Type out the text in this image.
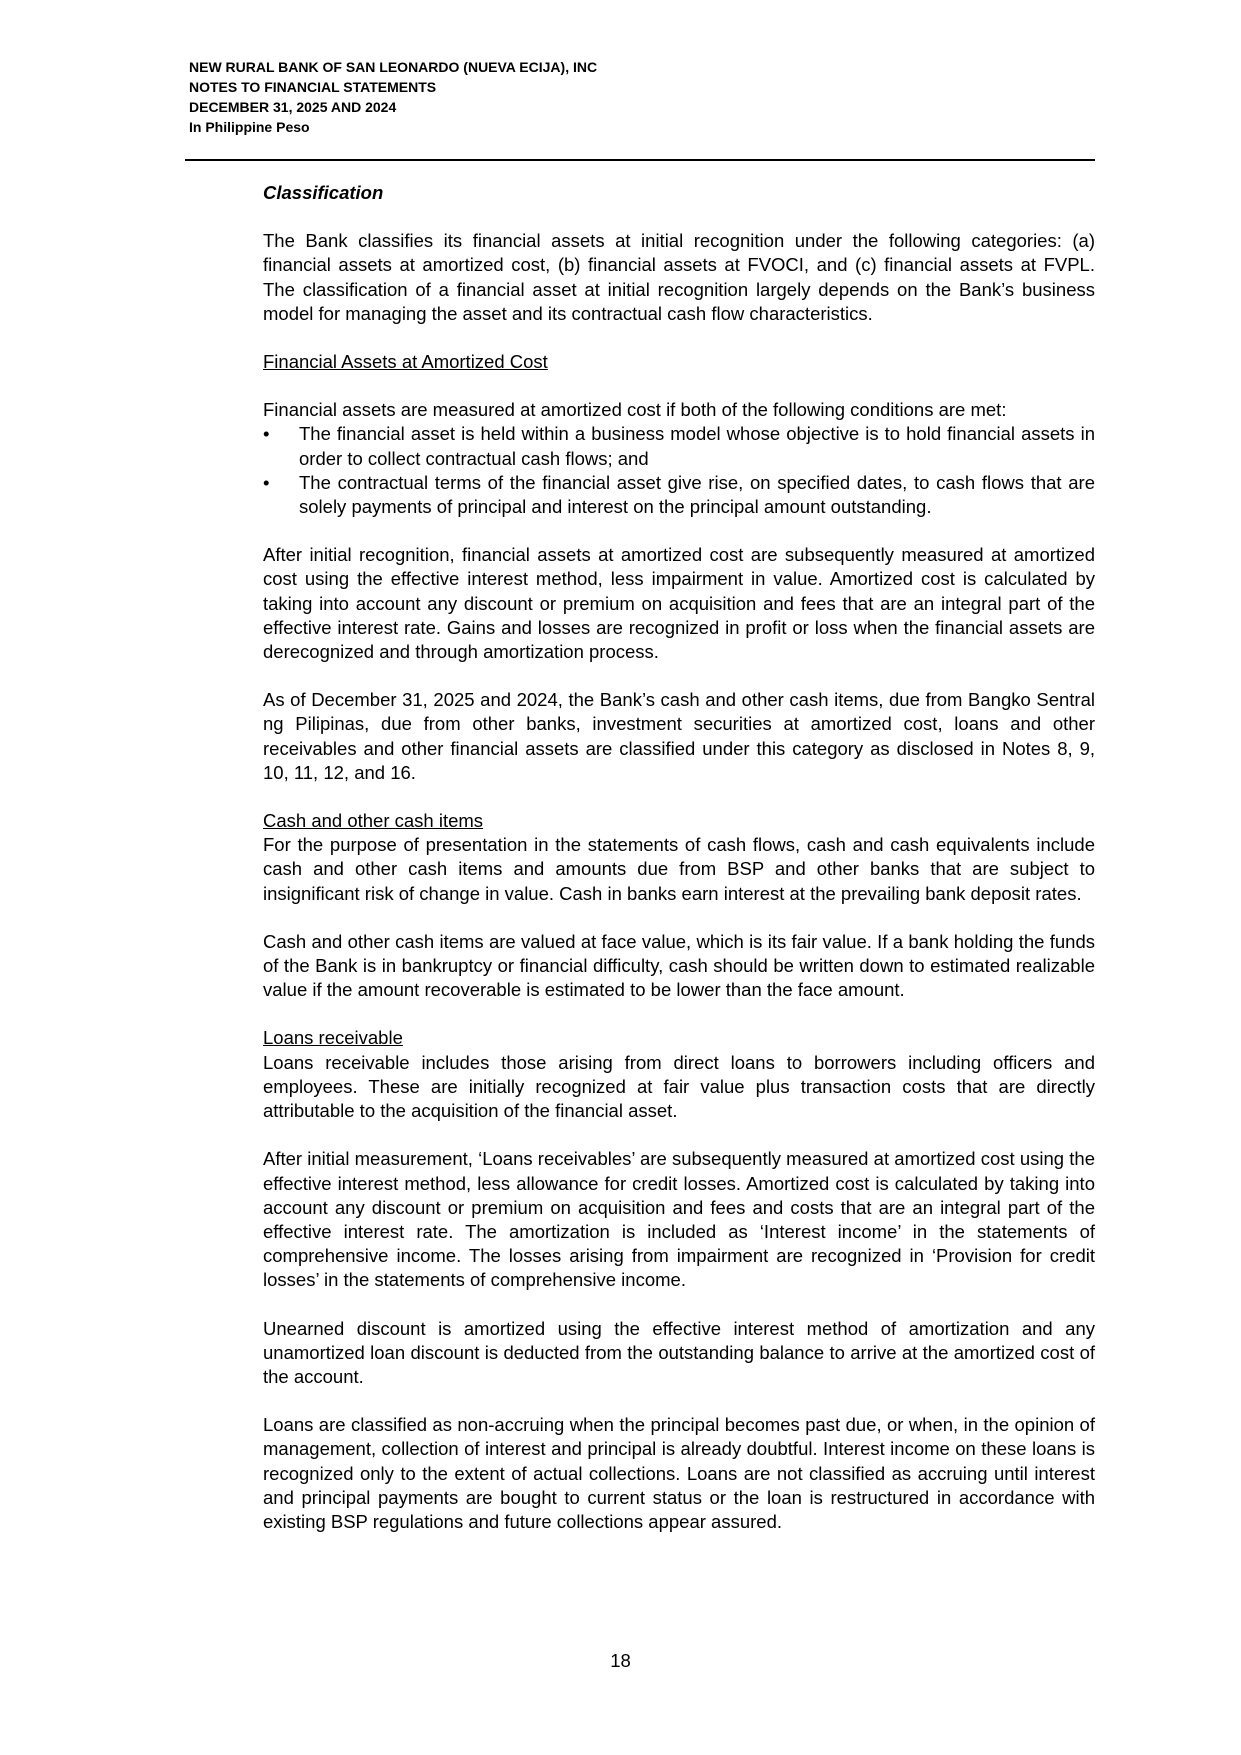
NEW RURAL BANK OF SAN LEONARDO (NUEVA ECIJA), INC
NOTES TO FINANCIAL STATEMENTS
DECEMBER 31, 2025 AND 2024
In Philippine Peso
Classification

The Bank classifies its financial assets at initial recognition under the following categories: (a) financial assets at amortized cost, (b) financial assets at FVOCI, and (c) financial assets at FVPL. The classification of a financial asset at initial recognition largely depends on the Bank’s business model for managing the asset and its contractual cash flow characteristics.

Financial Assets at Amortized Cost

Financial assets are measured at amortized cost if both of the following conditions are met:

•	The financial asset is held within a business model whose objective is to hold financial assets in order to collect contractual cash flows; and
•	The contractual terms of the financial asset give rise, on specified dates, to cash flows that are solely payments of principal and interest on the principal amount outstanding.

After initial recognition, financial assets at amortized cost are subsequently measured at amortized cost using the effective interest method, less impairment in value. Amortized cost is calculated by taking into account any discount or premium on acquisition and fees that are an integral part of the effective interest rate. Gains and losses are recognized in profit or loss when the financial assets are derecognized and through amortization process.

As of December 31, 2025 and 2024, the Bank’s cash and other cash items, due from Bangko Sentral ng Pilipinas, due from other banks, investment securities at amortized cost, loans and other receivables and other financial assets are classified under this category as disclosed in Notes 8, 9, 10, 11, 12, and 16.

Cash and other cash items

For the purpose of presentation in the statements of cash flows, cash and cash equivalents include cash and other cash items and amounts due from BSP and other banks that are subject to insignificant risk of change in value. Cash in banks earn interest at the prevailing bank deposit rates.

Cash and other cash items are valued at face value, which is its fair value. If a bank holding the funds of the Bank is in bankruptcy or financial difficulty, cash should be written down to estimated realizable value if the amount recoverable is estimated to be lower than the face amount.

Loans receivable

Loans receivable includes those arising from direct loans to borrowers including officers and employees. These are initially recognized at fair value plus transaction costs that are directly attributable to the acquisition of the financial asset.

After initial measurement, ‘Loans receivables’ are subsequently measured at amortized cost using the effective interest method, less allowance for credit losses. Amortized cost is calculated by taking into account any discount or premium on acquisition and fees and costs that are an integral part of the effective interest rate. The amortization is included as ‘Interest income’ in the statements of comprehensive income. The losses arising from impairment are recognized in ‘Provision for credit losses’ in the statements of comprehensive income.

Unearned discount is amortized using the effective interest method of amortization and any unamortized loan discount is deducted from the outstanding balance to arrive at the amortized cost of the account.

Loans are classified as non-accruing when the principal becomes past due, or when, in the opinion of management, collection of interest and principal is already doubtful. Interest income on these loans is recognized only to the extent of actual collections. Loans are not classified as accruing until interest and principal payments are bought to current status or the loan is restructured in accordance with existing BSP regulations and future collections appear assured.

18
